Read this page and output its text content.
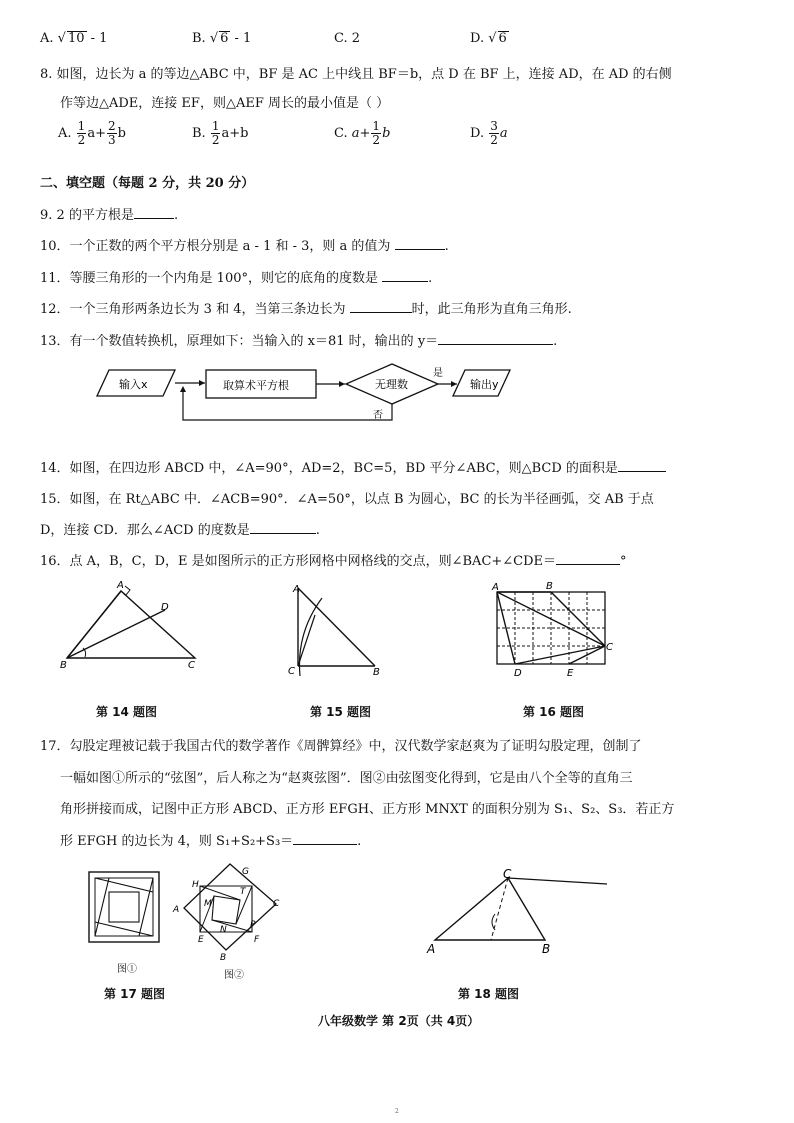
A. √ 10 - 1	B. √ 6 - 1	C. 2	D. √ 6
8. 如图，边长为 a 的等边△ABC 中，BF 是 AC 上中线且 BF＝b，点 D 在 BF 上，连接 AD，在 AD 的右侧
作等边△ADE，连接 EF，则△AEF 周长的最小值是（ ）
A. $\frac{1}{2} a+ \frac{2}{3}$ b	B. $\frac{1}{2} a+b$	C. $a+ \frac{1}{2}$ b	D. $\frac{3}{2}$ a
二、填空题（每题 2 分，共 20 分）
9. 2 的平方根是	.
10．一个正数的两个平方根分别是 a - 1 和 - 3，则 a 的值为	.
11．等腰三角形的一个内角是 100°，则它的底角的度数是	.
12．一个三角形两条边长为 3 和 4，当第三条边长为	时，此三角形为直角三角形.
13．有一个数值转换机，原理如下：当输入的 x＝81 时，输出的 y＝	.
输入x	取算术平方根	无理数
是
输出y
否
14．如图，在四边形 ABCD 中，∠A=90°，AD=2，BC=5，BD 平分∠ABC，则△BCD 的面积是
15．如图，在 Rt△ABC 中．∠ACB=90°．∠A=50°，以点 B 为圆心，BC 的长为半径画弧，交 AB 于点
D，连接 CD．那么∠ACD 的度数是	.
16．点 A，B，C，D，E 是如图所示的正方形网格中网格线的交点，则∠BAC+∠CDE＝	°
A
D
B	C
A
C	B
A	B
C
D	E
第 14 题图	第 15 题图	第 16 题图
17．勾股定理被记载于我国古代的数学著作《周髀算经》中，汉代数学家赵爽为了证明勾股定理，创制了
一幅如图①所示的“弦图”，后人称之为“赵爽弦图”．图②由弦图变化得到，它是由八个全等的直角三
角形拼接而成，记图中正方形 ABCD、正方形 EFGH、正方形 MNXT 的面积分别为 S₁、S₂、S₃．若正方
形 EFGH 的边长为 4，则 S₁+S₂+S₃＝	.
图①
H
G
A
C
M
N	P
E	F
B
T
图②
C
A	B
第 17 题图	第 18 题图
八年级数学 第 2页（共 4页）
2
